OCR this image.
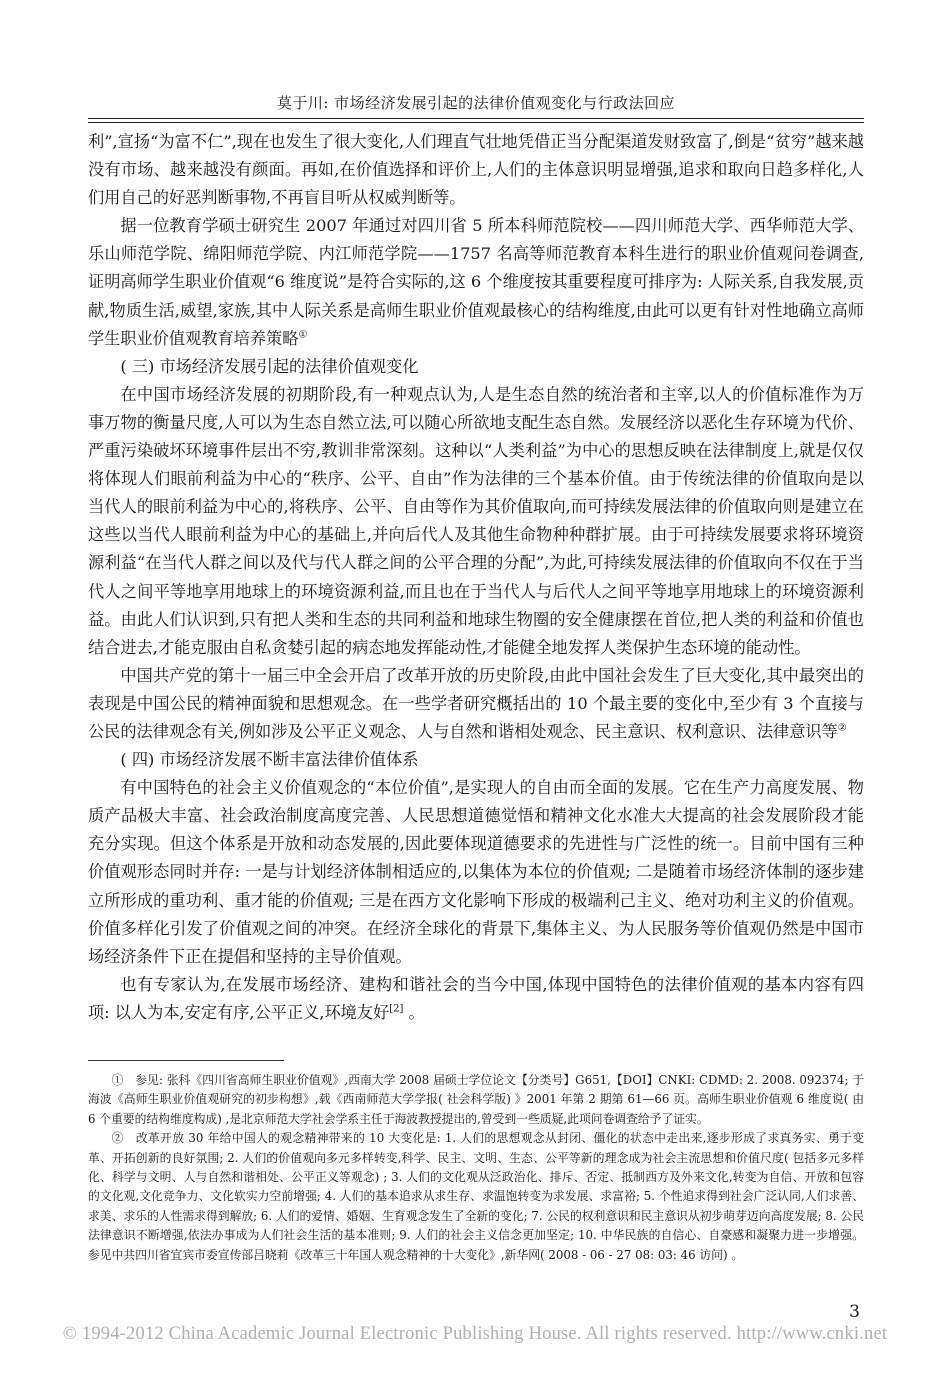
莫于川: 市场经济发展引起的法律价值观变化与行政法回应

利”,宣扬“为富不仁”,现在也发生了很大变化,人们理直气壮地凭借正当分配渠道发财致富了,倒是“贫穷”越来越没有市场、越来越没有颜面。再如,在价值选择和评价上,人们的主体意识明显增强,追求和取向日趋多样化,人们用自己的好恶判断事物,不再盲目听从权威判断等。

据一位教育学硕士研究生 2007 年通过对四川省 5 所本科师范院校——四川师范大学、西华师范大学、乐山师范学院、绵阳师范学院、内江师范学院——1757 名高等师范教育本科生进行的职业价值观问卷调查,证明高师学生职业价值观“6 维度说”是符合实际的,这 6 个维度按其重要程度可排序为: 人际关系,自我发展,贡献,物质生活,威望,家族,其中人际关系是高师生职业价值观最核心的结构维度,由此可以更有针对性地确立高师学生职业价值观教育培养策略①

( 三) 市场经济发展引起的法律价值观变化

在中国市场经济发展的初期阶段,有一种观点认为,人是生态自然的统治者和主宰,以人的价值标准作为万事万物的衡量尺度,人可以为生态自然立法,可以随心所欲地支配生态自然。发展经济以恶化生存环境为代价、严重污染破坏环境事件层出不穷,教训非常深刻。这种以“人类利益”为中心的思想反映在法律制度上,就是仅仅将体现人们眼前利益为中心的“秩序、公平、自由”作为法律的三个基本价值。由于传统法律的价值取向是以当代人的眼前利益为中心的,将秩序、公平、自由等作为其价值取向,而可持续发展法律的价值取向则是建立在这些以当代人眼前利益为中心的基础上,并向后代人及其他生命物种种群扩展。由于可持续发展要求将环境资源利益“在当代人群之间以及代与代人群之间的公平合理的分配”,为此,可持续发展法律的价值取向不仅在于当代人之间平等地享用地球上的环境资源利益,而且也在于当代人与后代人之间平等地享用地球上的环境资源利益。由此人们认识到,只有把人类和生态的共同利益和地球生物圈的安全健康摆在首位,把人类的利益和价值也结合进去,才能克服由自私贪婪引起的病态地发挥能动性,才能健全地发挥人类保护生态环境的能动性。

中国共产党的第十一届三中全会开启了改革开放的历史阶段,由此中国社会发生了巨大变化,其中最突出的表现是中国公民的精神面貌和思想观念。在一些学者研究概括出的 10 个最主要的变化中,至少有 3 个直接与公民的法律观念有关,例如涉及公平正义观念、人与自然和谐相处观念、民主意识、权利意识、法律意识等②

( 四) 市场经济发展不断丰富法律价值体系

有中国特色的社会主义价值观念的“本位价值”,是实现人的自由而全面的发展。它在生产力高度发展、物质产品极大丰富、社会政治制度高度完善、人民思想道德觉悟和精神文化水准大大提高的社会发展阶段才能充分实现。但这个体系是开放和动态发展的,因此要体现道德要求的先进性与广泛性的统一。目前中国有三种价值观形态同时并存: 一是与计划经济体制相适应的,以集体为本位的价值观; 二是随着市场经济体制的逐步建立所形成的重功利、重才能的价值观; 三是在西方文化影响下形成的极端利己主义、绝对功利主义的价值观。价值多样化引发了价值观之间的冲突。在经济全球化的背景下,集体主义、为人民服务等价值观仍然是中国市场经济条件下正在提倡和坚持的主导价值观。

也有专家认为,在发展市场经济、建构和谐社会的当今中国,体现中国特色的法律价值观的基本内容有四项: 以人为本,安定有序,公平正义,环境友好[2] 。

①　参见: 张科《四川省高师生职业价值观》,西南大学 2008 届硕士学位论文【分类号】G651,【DOI】CNKI: CDMD: 2. 2008. 092374; 于海波《高师生职业价值观研究的初步构想》,载《西南师范大学学报( 社会科学版) 》2001 年第 2 期第 61—66 页。高师生职业价值观 6 维度说( 由 6 个重要的结构维度构成) ,是北京师范大学社会学系主任于海波教授提出的,曾受到一些质疑,此项问卷调查给予了证实。

②　改革开放 30 年给中国人的观念精神带来的 10 大变化是: 1. 人们的思想观念从封闭、僵化的状态中走出来,逐步形成了求真务实、勇于变革、开拓创新的良好氛围; 2. 人们的价值观向多元多样转变,科学、民主、文明、生态、公平等新的理念成为社会主流思想和价值尺度( 包括多元多样化、科学与文明、人与自然和谐相处、公平正义等观念) ; 3. 人们的文化观从泛政治化、排斥、否定、抵制西方及外来文化,转变为自信、开放和包容的文化观,文化竞争力、文化软实力空前增强; 4. 人们的基本追求从求生存、求温饱转变为求发展、求富裕; 5. 个性追求得到社会广泛认同,人们求善、求美、求乐的人性需求得到解放; 6. 人们的爱情、婚姻、生育观念发生了全新的变化; 7. 公民的权利意识和民主意识从初步萌芽迈向高度发展; 8. 公民法律意识不断增强,依法办事成为人们社会生活的基本准则; 9. 人们的社会主义信念更加坚定; 10. 中华民族的自信心、自豪感和凝聚力进一步增强。参见中共四川省宜宾市委宣传部吕晓莉《改革三十年国人观念精神的十大变化》,新华网( 2008 - 06 - 27 08: 03: 46 访问) 。

3
© 1994-2012 China Academic Journal Electronic Publishing House. All rights reserved. http://www.cnki.net
